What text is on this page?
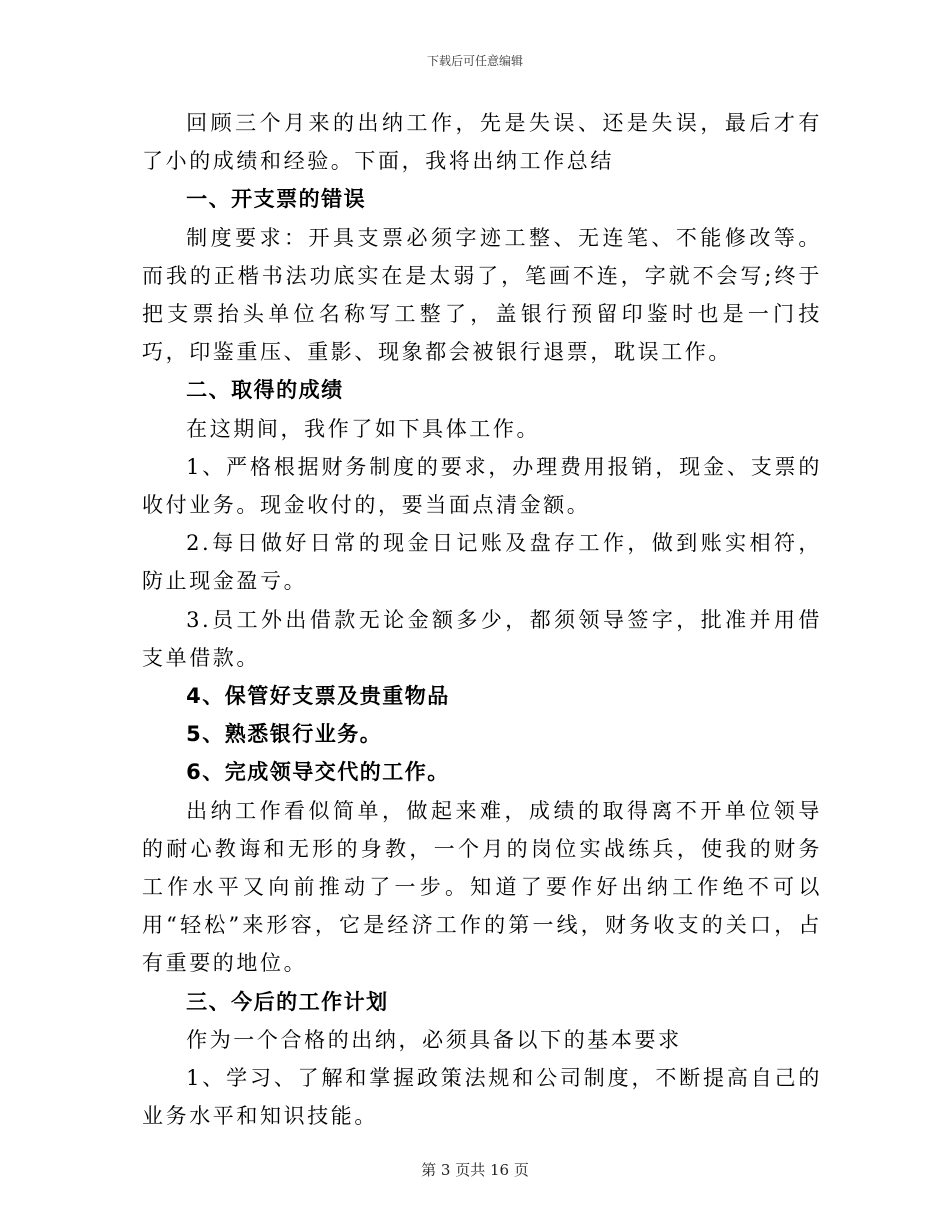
下载后可任意编辑

回顾三个月来的出纳工作，先是失误、还是失误，最后才有了小的成绩和经验。下面，我将出纳工作总结

一、开支票的错误

制度要求：开具支票必须字迹工整、无连笔、不能修改等。而我的正楷书法功底实在是太弱了，笔画不连，字就不会写;终于把支票抬头单位名称写工整了，盖银行预留印鉴时也是一门技巧，印鉴重压、重影、现象都会被银行退票，耽误工作。

二、取得的成绩

在这期间，我作了如下具体工作。

1、严格根据财务制度的要求，办理费用报销，现金、支票的收付业务。现金收付的，要当面点清金额。

2.每日做好日常的现金日记账及盘存工作，做到账实相符，防止现金盈亏。

3.员工外出借款无论金额多少，都须领导签字，批准并用借支单借款。

4、保管好支票及贵重物品

5、熟悉银行业务。

6、完成领导交代的工作。

出纳工作看似简单，做起来难，成绩的取得离不开单位领导的耐心教诲和无形的身教，一个月的岗位实战练兵，使我的财务工作水平又向前推动了一步。知道了要作好出纳工作绝不可以用“轻松”来形容，它是经济工作的第一线，财务收支的关口，占有重要的地位。

三、今后的工作计划

作为一个合格的出纳，必须具备以下的基本要求

1、学习、了解和掌握政策法规和公司制度，不断提高自己的业务水平和知识技能。

第 3 页共 16 页
